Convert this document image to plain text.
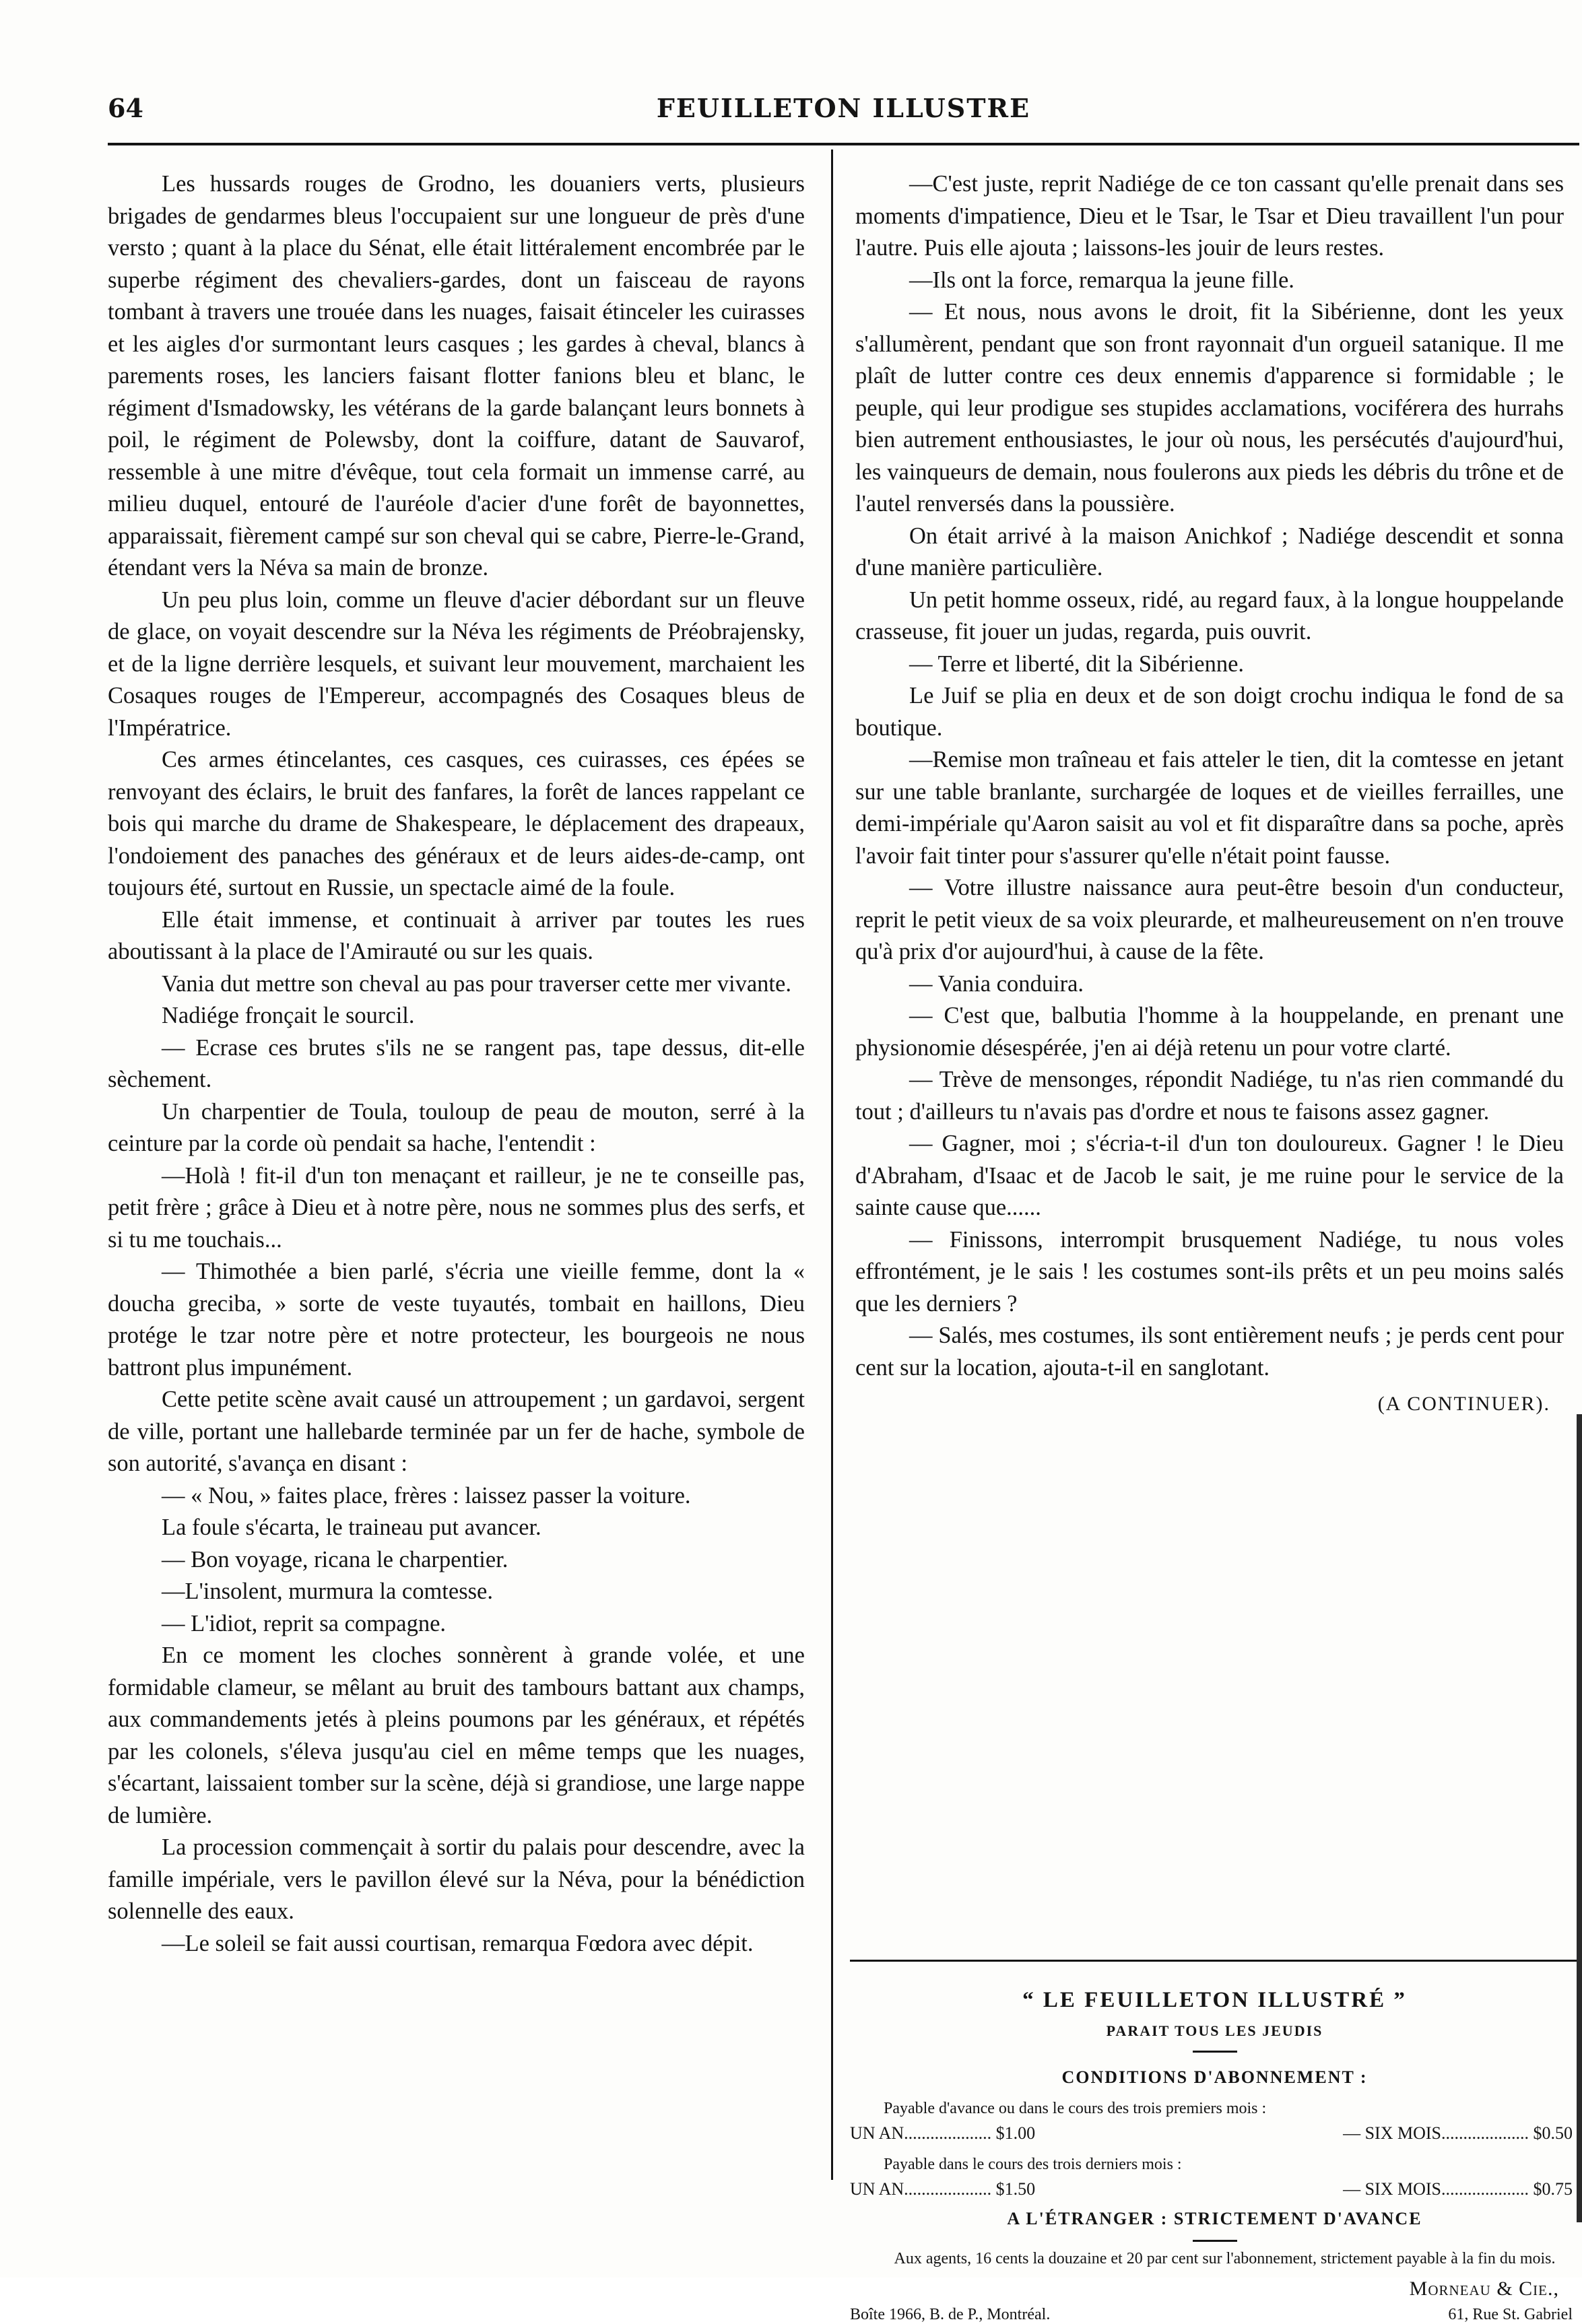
64	FEUILLETON ILLUSTRE

Les hussards rouges de Grodno, les douaniers verts, plusieurs brigades de gendarmes bleus l'occupaient sur une longueur de près d'une versto ; quant à la place du Sénat, elle était littéralement encombrée par le superbe régiment des chevaliers-gardes, dont un faisceau de rayons tombant à travers une trouée dans les nuages, faisait étinceler les cuirasses et les aigles d'or surmontant leurs casques ; les gardes à cheval, blancs à parements roses, les lanciers faisant flotter fanions bleu et blanc, le régiment d'Ismadowsky, les vétérans de la garde balançant leurs bonnets à poil, le régiment de Polewsby, dont la coiffure, datant de Sauvarof, ressemble à une mitre d'évêque, tout cela formait un immense carré, au milieu duquel, entouré de l'auréole d'acier d'une forêt de bayonnettes, apparaissait, fièrement campé sur son cheval qui se cabre, Pierre-le-Grand, étendant vers la Néva sa main de bronze.

Un peu plus loin, comme un fleuve d'acier débordant sur un fleuve de glace, on voyait descendre sur la Néva les régiments de Préobrajensky, et de la ligne derrière lesquels, et suivant leur mouvement, marchaient les Cosaques rouges de l'Empereur, accompagnés des Cosaques bleus de l'Impératrice.

Ces armes étincelantes, ces casques, ces cuirasses, ces épées se renvoyant des éclairs, le bruit des fanfares, la forêt de lances rappelant ce bois qui marche du drame de Shakespeare, le déplacement des drapeaux, l'ondoiement des panaches des généraux et de leurs aides-de-camp, ont toujours été, surtout en Russie, un spectacle aimé de la foule.

Elle était immense, et continuait à arriver par toutes les rues aboutissant à la place de l'Amirauté ou sur les quais.

Vania dut mettre son cheval au pas pour traverser cette mer vivante.

Nadiége fronçait le sourcil.

— Ecrase ces brutes s'ils ne se rangent pas, tape dessus, dit-elle sèchement.

Un charpentier de Toula, touloup de peau de mouton, serré à la ceinture par la corde où pendait sa hache, l'entendit :

—Holà ! fit-il d'un ton menaçant et railleur, je ne te conseille pas, petit frère ; grâce à Dieu et à notre père, nous ne sommes plus des serfs, et si tu me touchais...

— Thimothée a bien parlé, s'écria une vieille femme, dont la « doucha greciba, » sorte de veste tuyautés, tombait en haillons, Dieu protége le tzar notre père et notre protecteur, les bourgeois ne nous battront plus impunément.

Cette petite scène avait causé un attroupement ; un gardavoi, sergent de ville, portant une hallebarde terminée par un fer de hache, symbole de son autorité, s'avança en disant :

— « Nou, » faites place, frères : laissez passer la voiture.

La foule s'écarta, le traineau put avancer.

— Bon voyage, ricana le charpentier.

—L'insolent, murmura la comtesse.

— L'idiot, reprit sa compagne.

En ce moment les cloches sonnèrent à grande volée, et une formidable clameur, se mêlant au bruit des tambours battant aux champs, aux commandements jetés à pleins poumons par les généraux, et répétés par les colonels, s'éleva jusqu'au ciel en même temps que les nuages, s'écartant, laissaient tomber sur la scène, déjà si grandiose, une large nappe de lumière.

La procession commençait à sortir du palais pour descendre, avec la famille impériale, vers le pavillon élevé sur la Néva, pour la bénédiction solennelle des eaux.

—Le soleil se fait aussi courtisan, remarqua Fœdora avec dépit.

—C'est juste, reprit Nadiége de ce ton cassant qu'elle prenait dans ses moments d'impatience, Dieu et le Tsar, le Tsar et Dieu travaillent l'un pour l'autre. Puis elle ajouta ; laissons-les jouir de leurs restes.

—Ils ont la force, remarqua la jeune fille.

— Et nous, nous avons le droit, fit la Sibérienne, dont les yeux s'allumèrent, pendant que son front rayonnait d'un orgueil satanique. Il me plaît de lutter contre ces deux ennemis d'apparence si formidable ; le peuple, qui leur prodigue ses stupides acclamations, vociférera des hurrahs bien autrement enthousiastes, le jour où nous, les persécutés d'aujourd'hui, les vainqueurs de demain, nous foulerons aux pieds les débris du trône et de l'autel renversés dans la poussière.

On était arrivé à la maison Anichkof ; Nadiége descendit et sonna d'une manière particulière.

Un petit homme osseux, ridé, au regard faux, à la longue houppelande crasseuse, fit jouer un judas, regarda, puis ouvrit.

— Terre et liberté, dit la Sibérienne.

Le Juif se plia en deux et de son doigt crochu indiqua le fond de sa boutique.

—Remise mon traîneau et fais atteler le tien, dit la comtesse en jetant sur une table branlante, surchargée de loques et de vieilles ferrailles, une demi-impériale qu'Aaron saisit au vol et fit disparaître dans sa poche, après l'avoir fait tinter pour s'assurer qu'elle n'était point fausse.

— Votre illustre naissance aura peut-être besoin d'un conducteur, reprit le petit vieux de sa voix pleurarde, et malheureusement on n'en trouve qu'à prix d'or aujourd'hui, à cause de la fête.

— Vania conduira.

— C'est que, balbutia l'homme à la houppelande, en prenant une physionomie désespérée, j'en ai déjà retenu un pour votre clarté.

— Trève de mensonges, répondit Nadiége, tu n'as rien commandé du tout ; d'ailleurs tu n'avais pas d'ordre et nous te faisons assez gagner.

— Gagner, moi ; s'écria-t-il d'un ton douloureux. Gagner ! le Dieu d'Abraham, d'Isaac et de Jacob le sait, je me ruine pour le service de la sainte cause que......

— Finissons, interrompit brusquement Nadiége, tu nous voles effrontément, je le sais ! les costumes sont-ils prêts et un peu moins salés que les derniers ?

— Salés, mes costumes, ils sont entièrement neufs ; je perds cent pour cent sur la location, ajouta-t-il en sanglotant.

(A CONTINUER).
“ LE FEUILLETON ILLUSTRÉ ”
PARAIT TOUS LES JEUDIS
CONDITIONS D'ABONNEMENT :
Payable d'avance ou dans le cours des trois premiers mois :
UN AN.................... $1.00	— SIX MOIS.................... $0.50
Payable dans le cours des trois derniers mois :
UN AN.................... $1.50	— SIX MOIS.................... $0.75
A L'ÉTRANGER : STRICTEMENT D'AVANCE
Aux agents, 16 cents la douzaine et 20 par cent sur l'abonnement, strictement payable à la fin du mois.
Morneau & Cie.,
Boîte 1966, B. de P., Montréal.	61, Rue St. Gabriel
